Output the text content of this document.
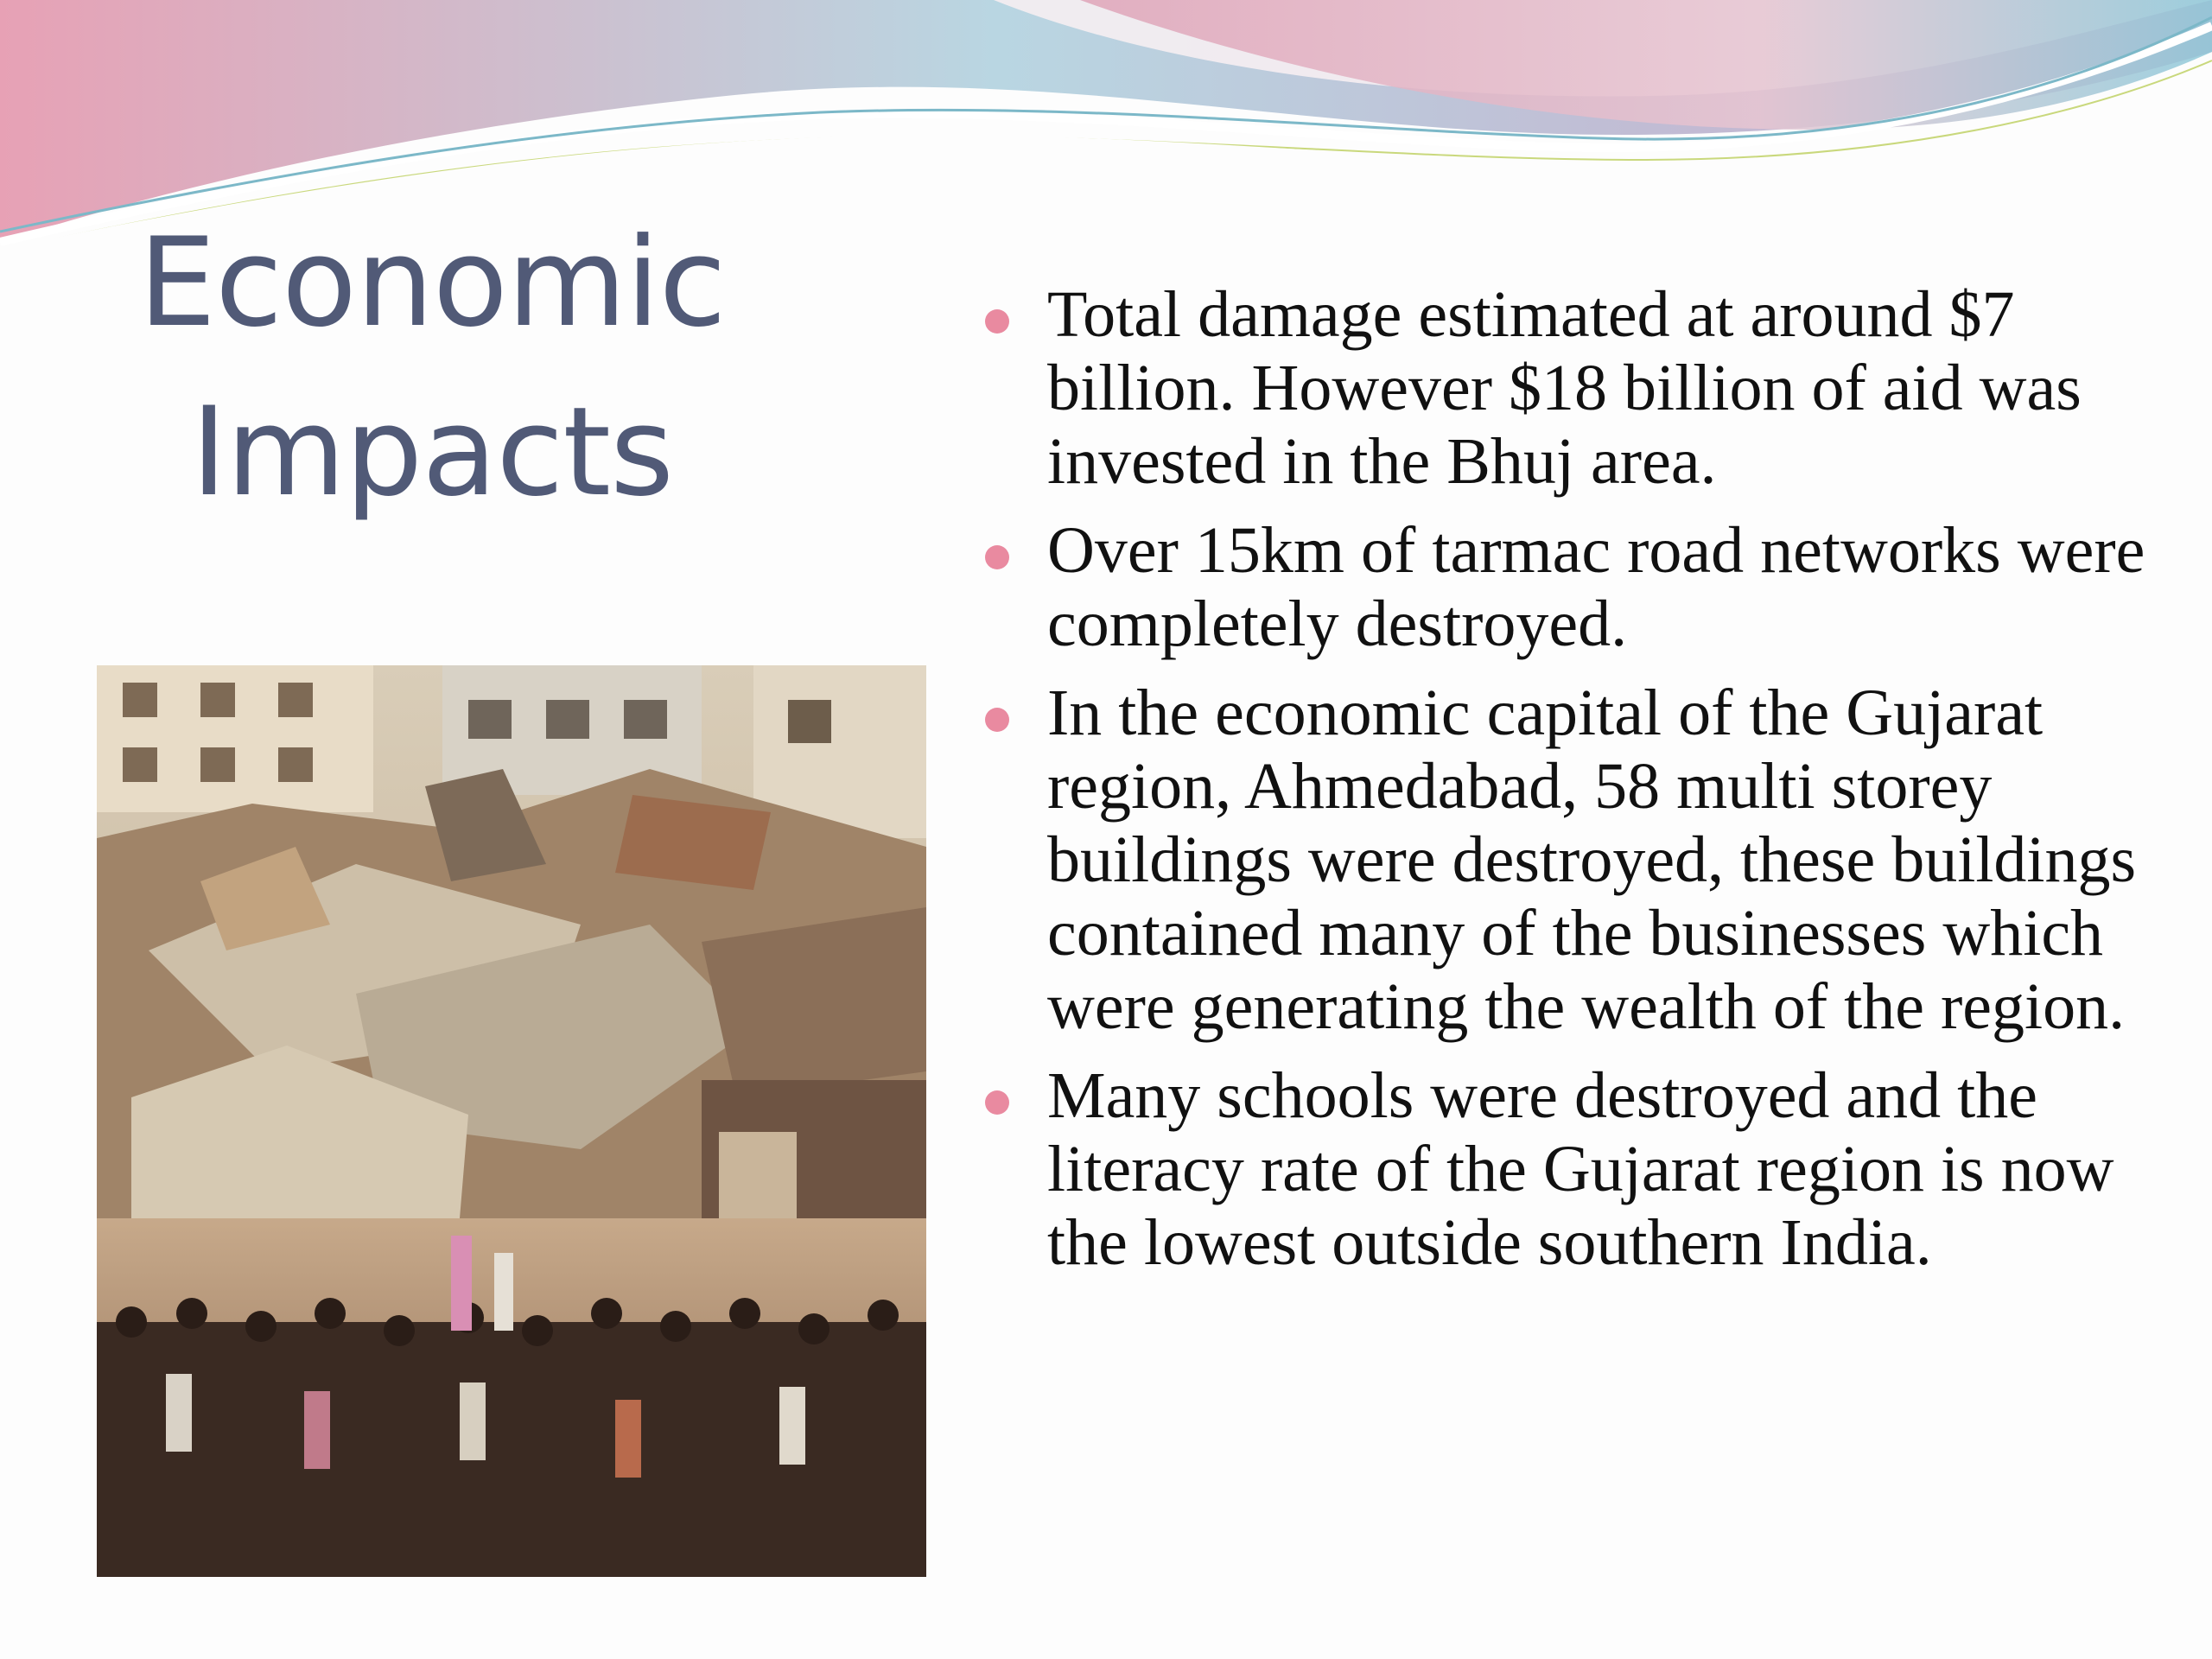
Economic
Impacts
Total damage estimated at around $7 billion. However $18 billion of aid was invested in the Bhuj area.
Over 15km of tarmac road networks were completely destroyed.
In the economic capital of the Gujarat region, Ahmedabad, 58 multi storey buildings were destroyed, these buildings contained many of the businesses which were generating the wealth of the region.
Many schools were destroyed and the literacy rate of the Gujarat region is now the lowest outside southern India.
